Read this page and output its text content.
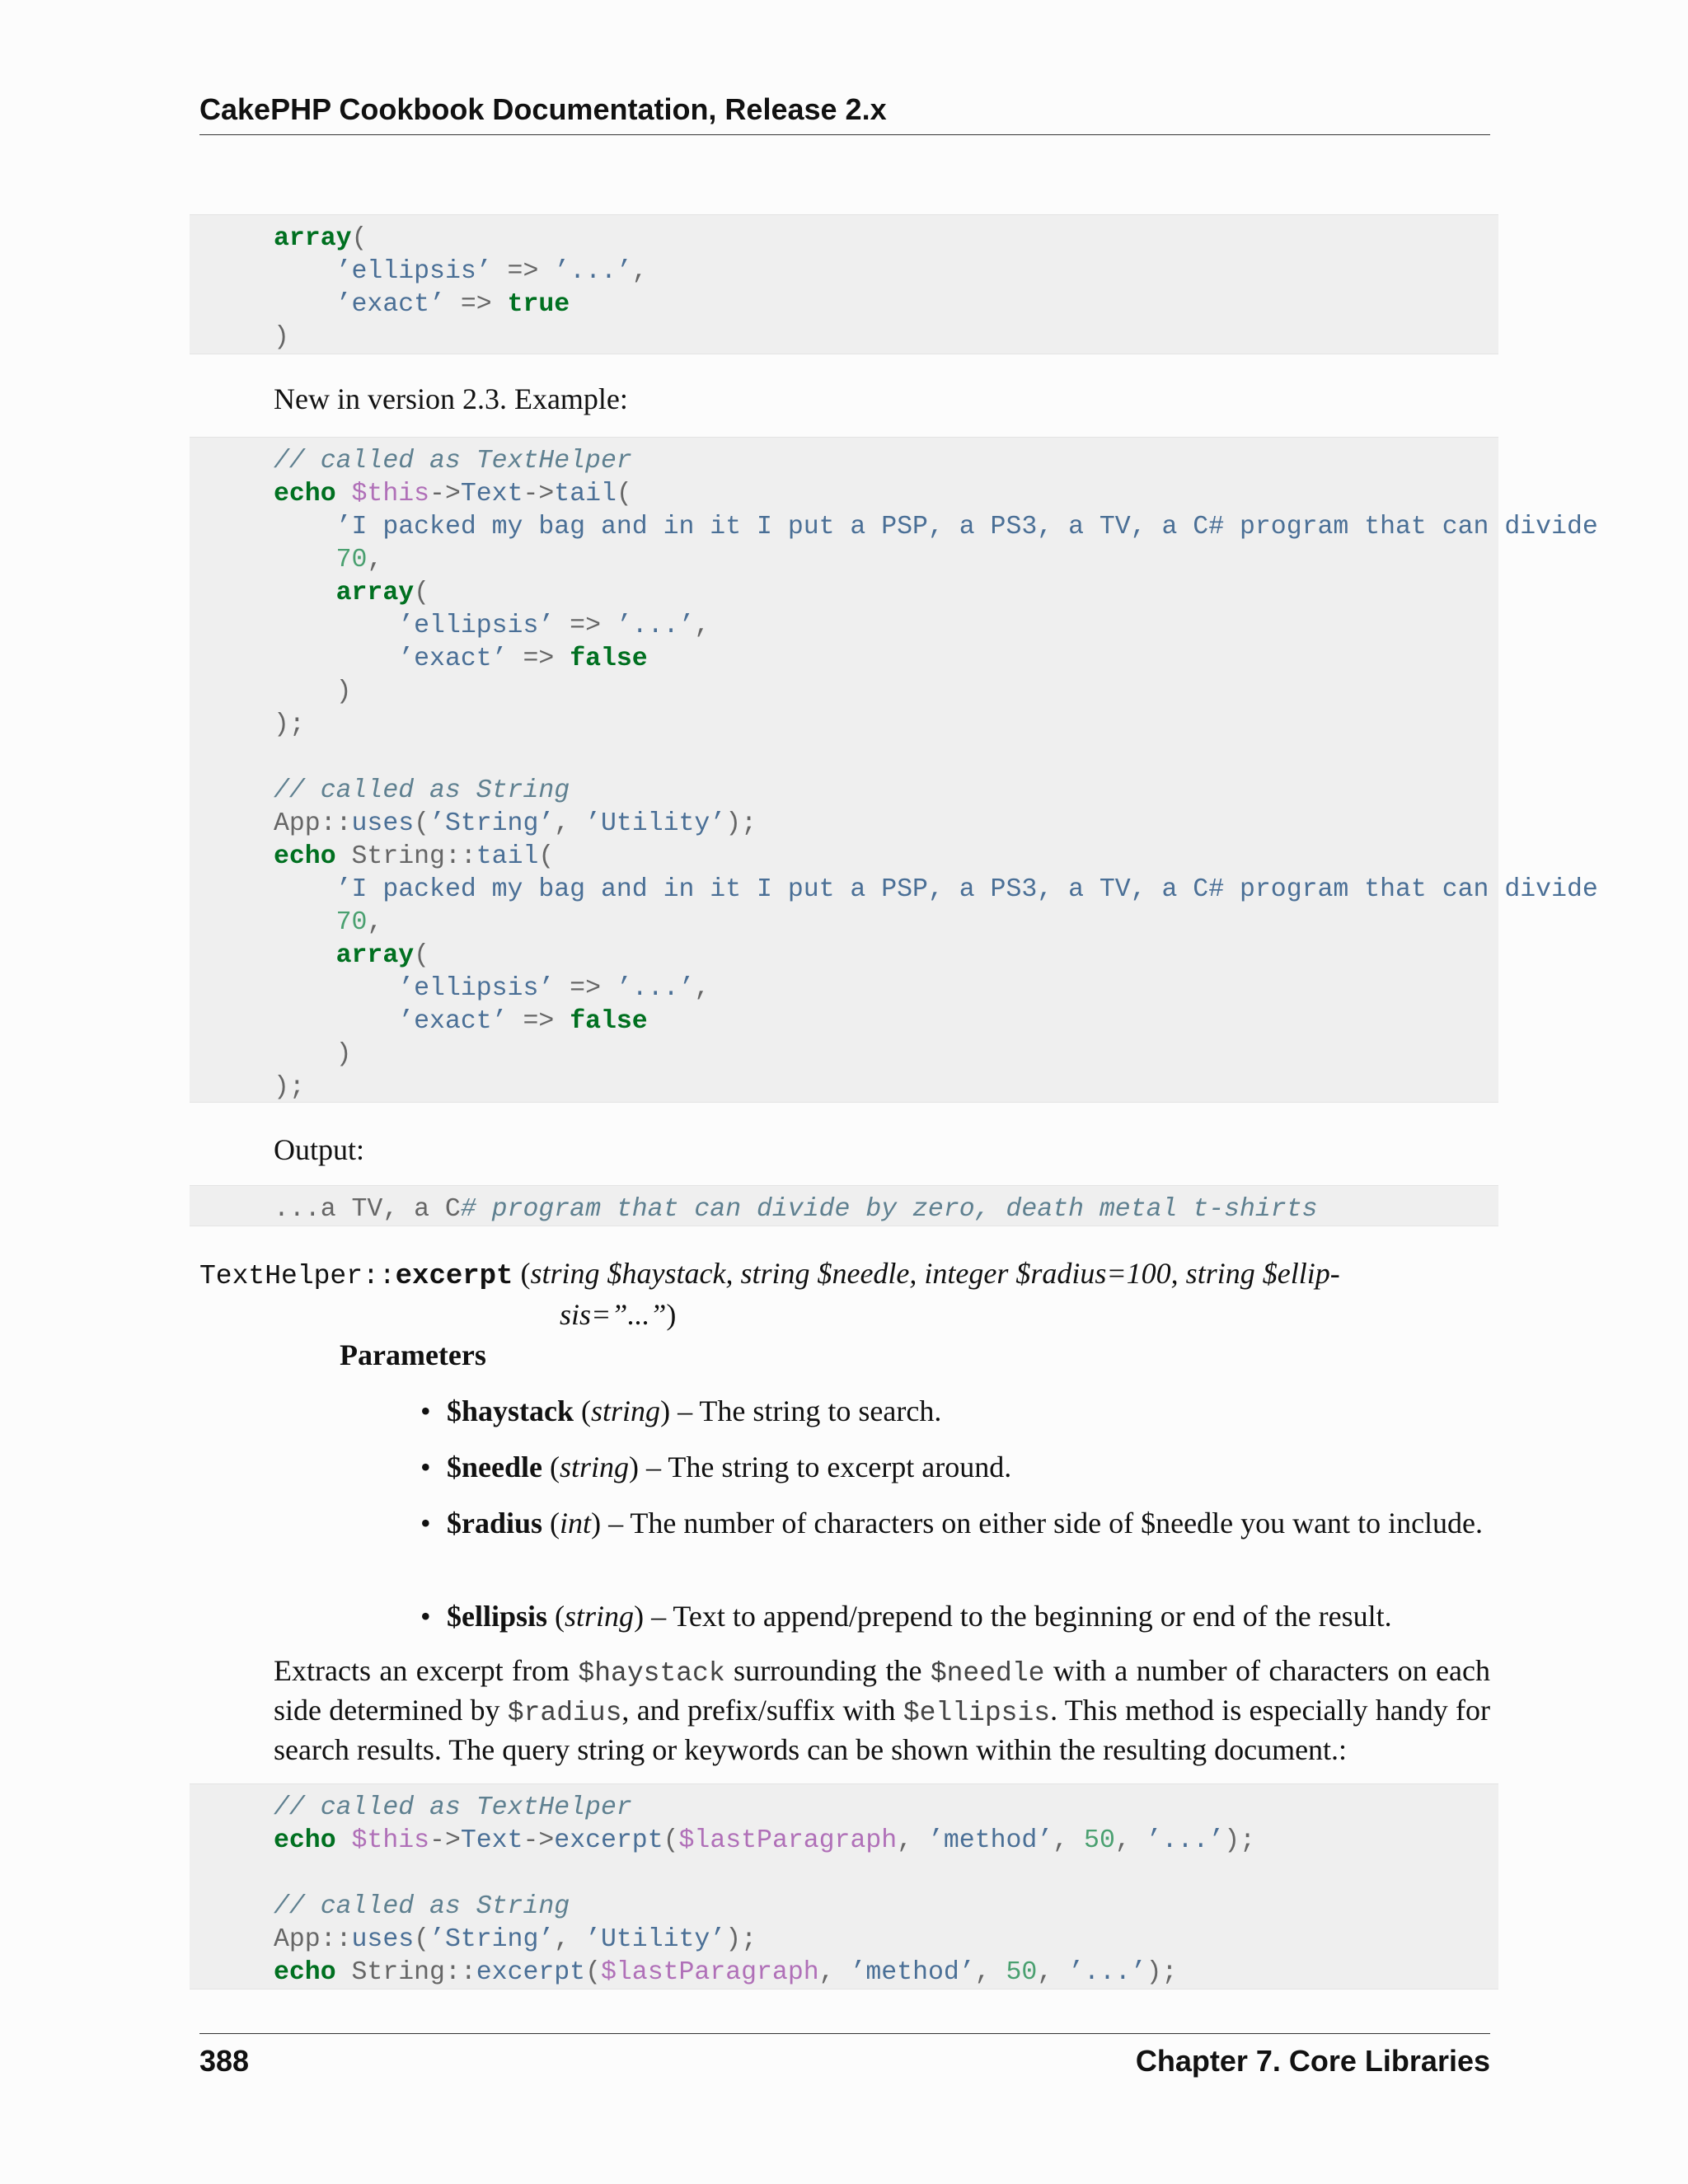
CakePHP Cookbook Documentation, Release 2.x
array(
’ellipsis’ => ’...’,
’exact’ => true
)
New in version 2.3. Example:
// called as TextHelper
echo $this->Text->tail(
’I packed my bag and in it I put a PSP, a PS3, a TV, a C# program that can divide
70,
array(
’ellipsis’ => ’...’,
’exact’ => false
)
);

// called as String
App::uses(’String’, ’Utility’);
echo String::tail(
’I packed my bag and in it I put a PSP, a PS3, a TV, a C# program that can divide
70,
array(
’ellipsis’ => ’...’,
’exact’ => false
)
);
Output:
...a TV, a C# program that can divide by zero, death metal t-shirts
TextHelper::excerpt (string $haystack, string $needle, integer $radius=100, string $ellip-
sis=”...”)
Parameters
• $haystack (string) – The string to search.
• $needle (string) – The string to excerpt around.
• $radius (int) – The number of characters on either side of $needle you want to include.
• $ellipsis (string) – Text to append/prepend to the beginning or end of the result.
Extracts an excerpt from $haystack surrounding the $needle with a number of characters on each side determined by $radius, and prefix/suffix with $ellipsis. This method is especially handy for search results. The query string or keywords can be shown within the resulting document.:
// called as TextHelper
echo $this->Text->excerpt($lastParagraph, ’method’, 50, ’...’);

// called as String
App::uses(’String’, ’Utility’);
echo String::excerpt($lastParagraph, ’method’, 50, ’...’);
388	Chapter 7. Core Libraries
